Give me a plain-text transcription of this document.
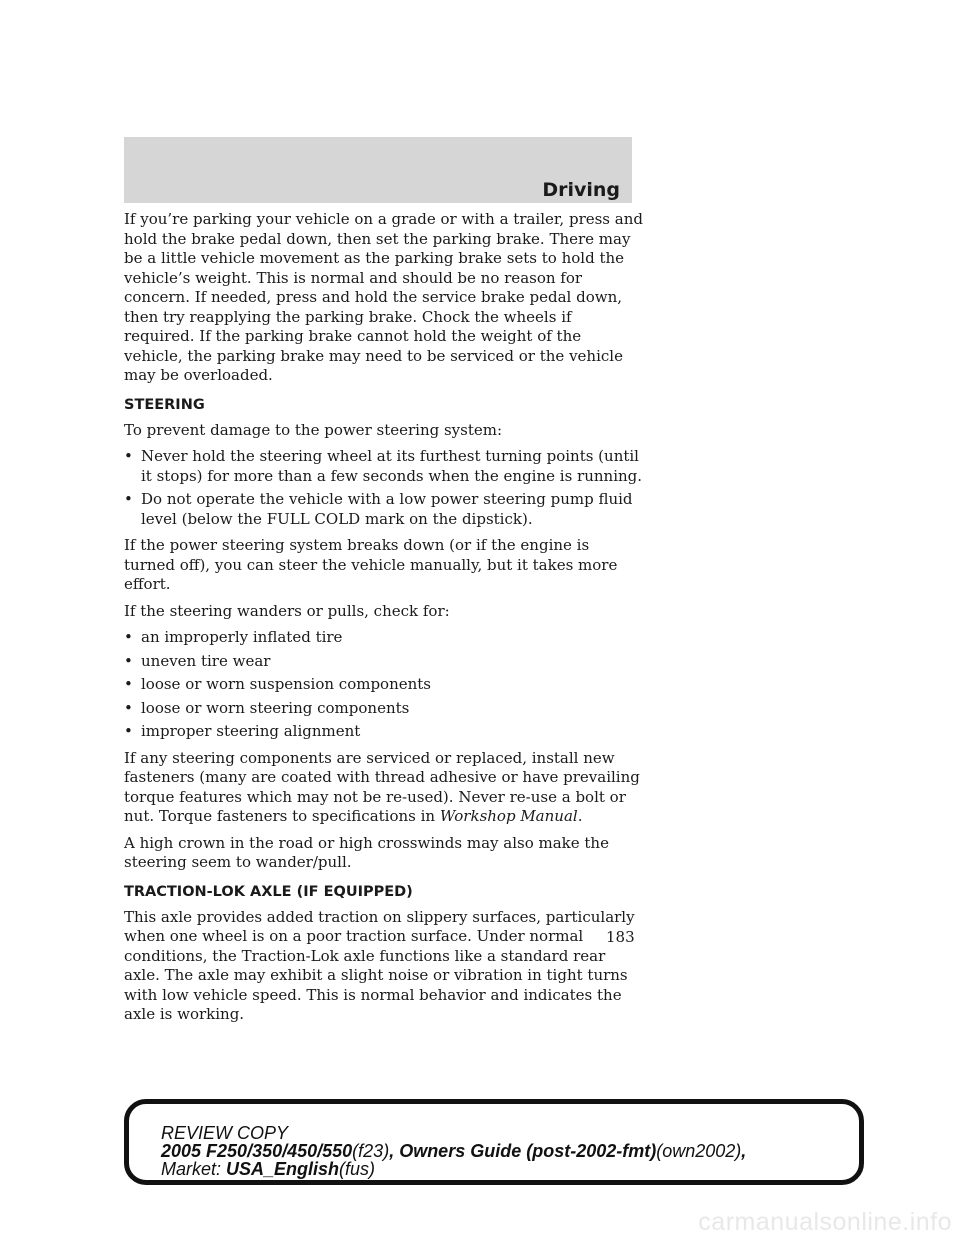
Driving

If you’re parking your vehicle on a grade or with a trailer, press and hold the brake pedal down, then set the parking brake. There may be a little vehicle movement as the parking brake sets to hold the vehicle’s weight. This is normal and should be no reason for concern. If needed, press and hold the service brake pedal down, then try reapplying the parking brake. Chock the wheels if required. If the parking brake cannot hold the weight of the vehicle, the parking brake may need to be serviced or the vehicle may be overloaded.

STEERING

To prevent damage to the power steering system:

• Never hold the steering wheel at its furthest turning points (until it stops) for more than a few seconds when the engine is running.
• Do not operate the vehicle with a low power steering pump fluid level (below the FULL COLD mark on the dipstick).

If the power steering system breaks down (or if the engine is turned off), you can steer the vehicle manually, but it takes more effort.

If the steering wanders or pulls, check for:

• an improperly inflated tire
• uneven tire wear
• loose or worn suspension components
• loose or worn steering components
• improper steering alignment

If any steering components are serviced or replaced, install new fasteners (many are coated with thread adhesive or have prevailing torque features which may not be re-used). Never re-use a bolt or nut. Torque fasteners to specifications in Workshop Manual.

A high crown in the road or high crosswinds may also make the steering seem to wander/pull.

TRACTION-LOK AXLE (IF EQUIPPED)

This axle provides added traction on slippery surfaces, particularly when one wheel is on a poor traction surface. Under normal conditions, the Traction-Lok axle functions like a standard rear axle. The axle may exhibit a slight noise or vibration in tight turns with low vehicle speed. This is normal behavior and indicates the axle is working.

183
REVIEW COPY
2005 F250/350/450/550(f23), Owners Guide (post-2002-fmt)(own2002),
Market: USA_English(fus)
carmanualsonline.info
